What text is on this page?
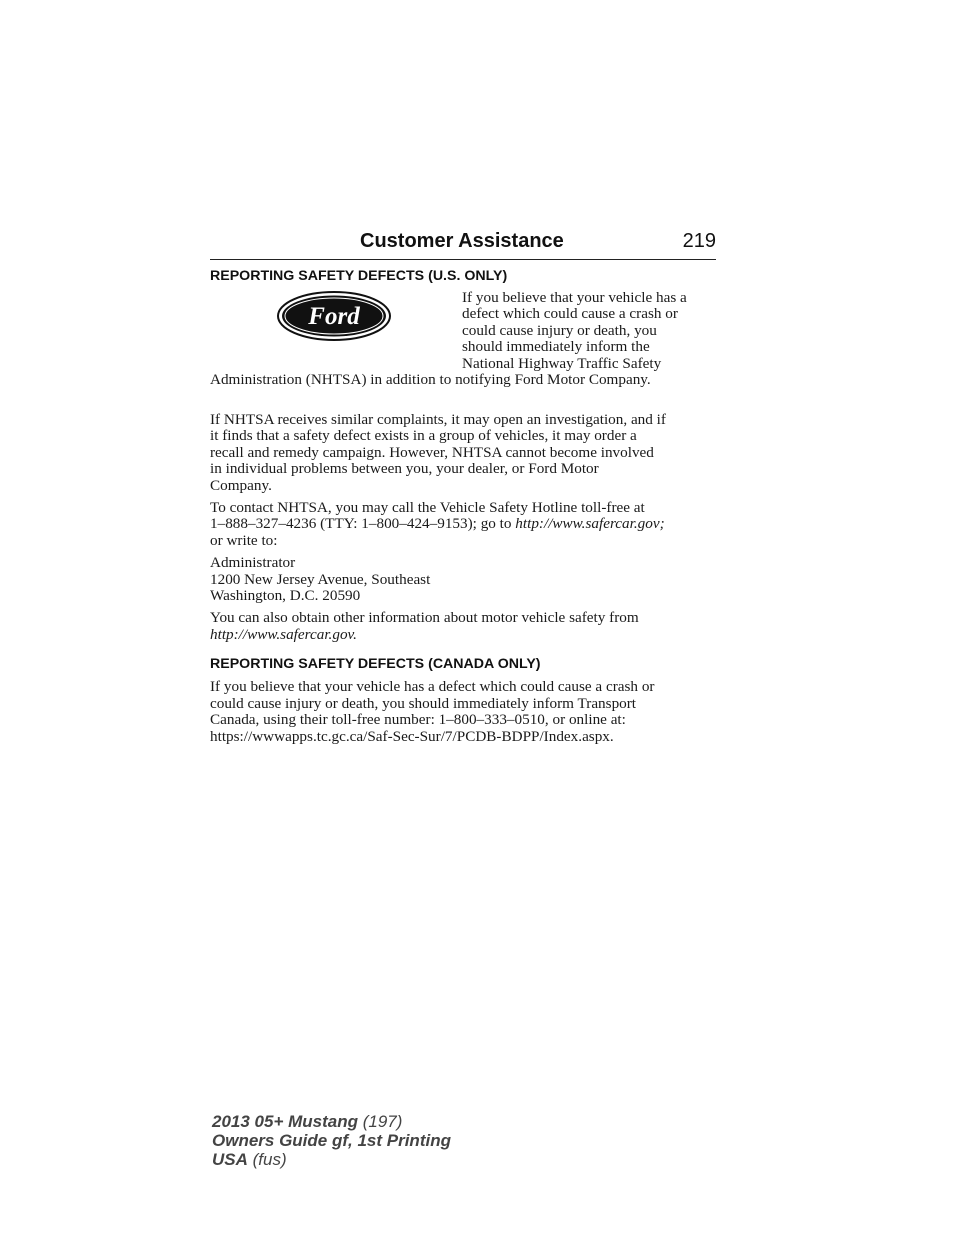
Customer Assistance	219
REPORTING SAFETY DEFECTS (U.S. ONLY)
Ford
If you believe that your vehicle has a
defect which could cause a crash or
could cause injury or death, you
should immediately inform the
National Highway Traffic Safety
Administration (NHTSA) in addition to notifying Ford Motor Company.

If NHTSA receives similar complaints, it may open an investigation, and if
it finds that a safety defect exists in a group of vehicles, it may order a
recall and remedy campaign. However, NHTSA cannot become involved
in individual problems between you, your dealer, or Ford Motor
Company.

To contact NHTSA, you may call the Vehicle Safety Hotline toll-free at
1–888–327–4236 (TTY: 1–800–424–9153); go to http://www.safercar.gov;
or write to:

Administrator
1200 New Jersey Avenue, Southeast
Washington, D.C. 20590

You can also obtain other information about motor vehicle safety from
http://www.safercar.gov.

REPORTING SAFETY DEFECTS (CANADA ONLY)

If you believe that your vehicle has a defect which could cause a crash or
could cause injury or death, you should immediately inform Transport
Canada, using their toll-free number: 1–800–333–0510, or online at:
https://wwwapps.tc.gc.ca/Saf-Sec-Sur/7/PCDB-BDPP/Index.aspx.

2013 05+ Mustang (197)
Owners Guide gf, 1st Printing
USA (fus)
